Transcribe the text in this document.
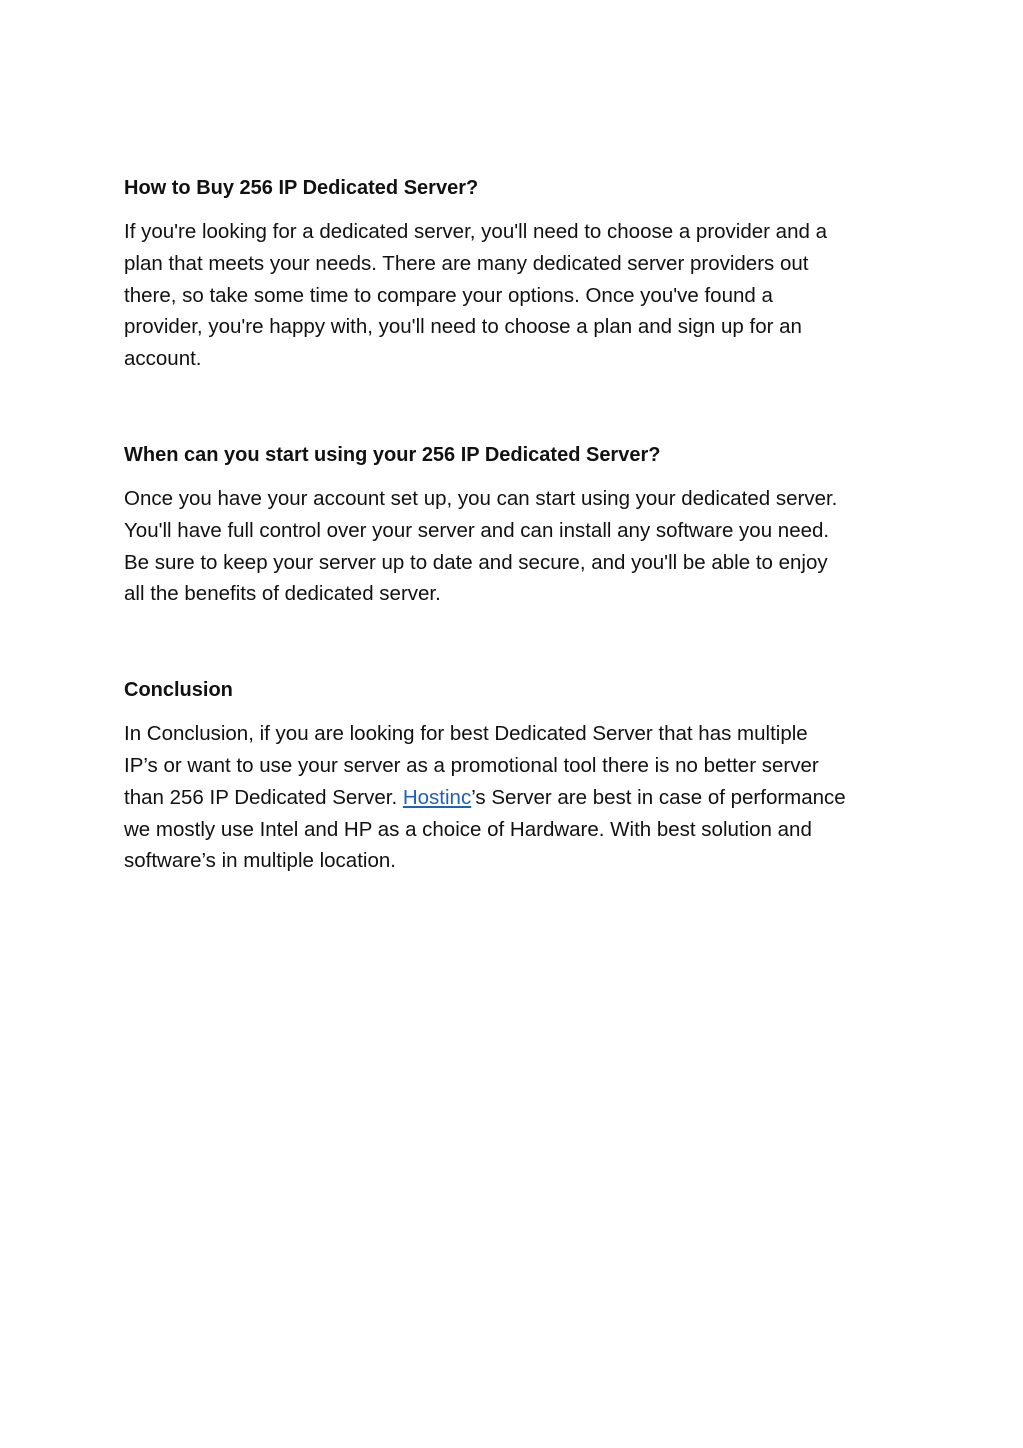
How to Buy 256 IP Dedicated Server?

If you're looking for a dedicated server, you'll need to choose a provider and a
plan that meets your needs. There are many dedicated server providers out
there, so take some time to compare your options. Once you've found a
provider, you're happy with, you'll need to choose a plan and sign up for an
account.

When can you start using your 256 IP Dedicated Server?

Once you have your account set up, you can start using your dedicated server.
You'll have full control over your server and can install any software you need.
Be sure to keep your server up to date and secure, and you'll be able to enjoy
all the benefits of dedicated server.

Conclusion

In Conclusion, if you are looking for best Dedicated Server that has multiple
IP’s or want to use your server as a promotional tool there is no better server
than 256 IP Dedicated Server. Hostinc’s Server are best in case of performance
we mostly use Intel and HP as a choice of Hardware. With best solution and
software’s in multiple location.
